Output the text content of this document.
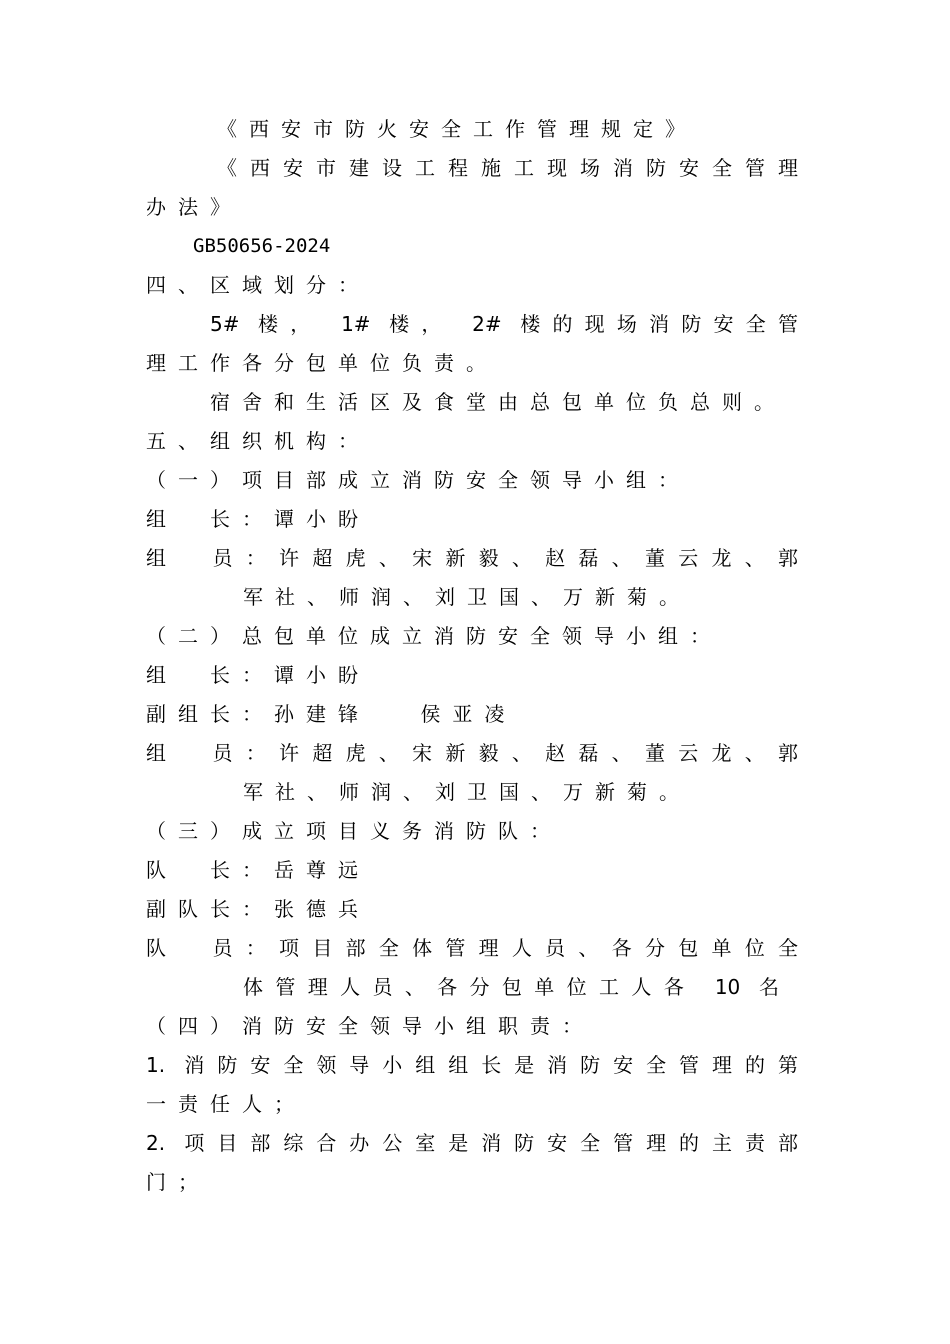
《西安市防火安全工作管理规定》
《西安市建设工程施工现场消防安全管理
办法》
GB50656-2024
四、区域划分：
5# 楼， 1# 楼， 2# 楼的现场消防安全管
理工作各分包单位负责。
宿舍和生活区及食堂由总包单位负总则。
五、组织机构：
（一）项目部成立消防安全领导小组：
组　长：谭小盼
组　员：许超虎、宋新毅、赵磊、董云龙、郭
军社、师润、刘卫国、万新菊。
（二）总包单位成立消防安全领导小组：
组　长：谭小盼
副组长：孙建锋　 侯亚凌
组　员：许超虎、宋新毅、赵磊、董云龙、郭
军社、师润、刘卫国、万新菊。
（三）成立项目义务消防队：
队　长：岳尊远
副队长：张德兵
队　员：项目部全体管理人员、各分包单位全
体管理人员、各分包单位工人各 10 名
（四）消防安全领导小组职责：
1. 消防安全领导小组组长是消防安全管理的第
一责任人；
2. 项目部综合办公室是消防安全管理的主责部
门；
